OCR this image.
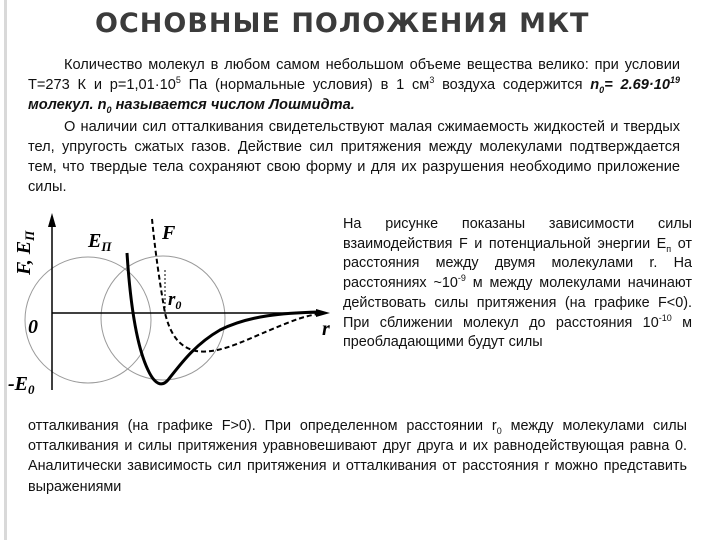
ОСНОВНЫЕ ПОЛОЖЕНИЯ МКТ
Количество молекул в любом самом небольшом объеме вещества велико: при условии Т=273 К и $р=1,01\cdot 10^5$ Па (нормальные условия) в 1 $см^3$ воздуха содержится $n_0= 2.69\cdot 10^{19}$ молекул. $n_0$ называется числом Лошмидта.
О наличии сил отталкивания свидетельствуют малая сжимаемость жидкостей и твердых тел, упругость сжатых газов. Действие сил притяжения между молекулами подтверждается тем, что твердые тела сохраняют свою форму и для их разрушения необходимо приложение силы.
F, $E_П$	$E_П$
F
$r_0$
0	r
$-E_0$
На рисунке показаны зависимости силы взаимодействия F и потенциальной энергии $Е_п$ от расстояния между двумя молекулами r. На расстояниях $\sim 10^{-9}$ м между молекулами начинают действовать силы притяжения (на графике F<0). При сближении молекул до расстояния $10^{-10}$ м преобладающими будут силы
отталкивания (на графике F>0). При определенном расстоянии $r_0$ между молекулами силы отталкивания и силы притяжения уравновешивают друг друга и их равнодействующая равна 0. Аналитически зависимость сил притяжения и отталкивания от расстояния r можно представить выражениями
